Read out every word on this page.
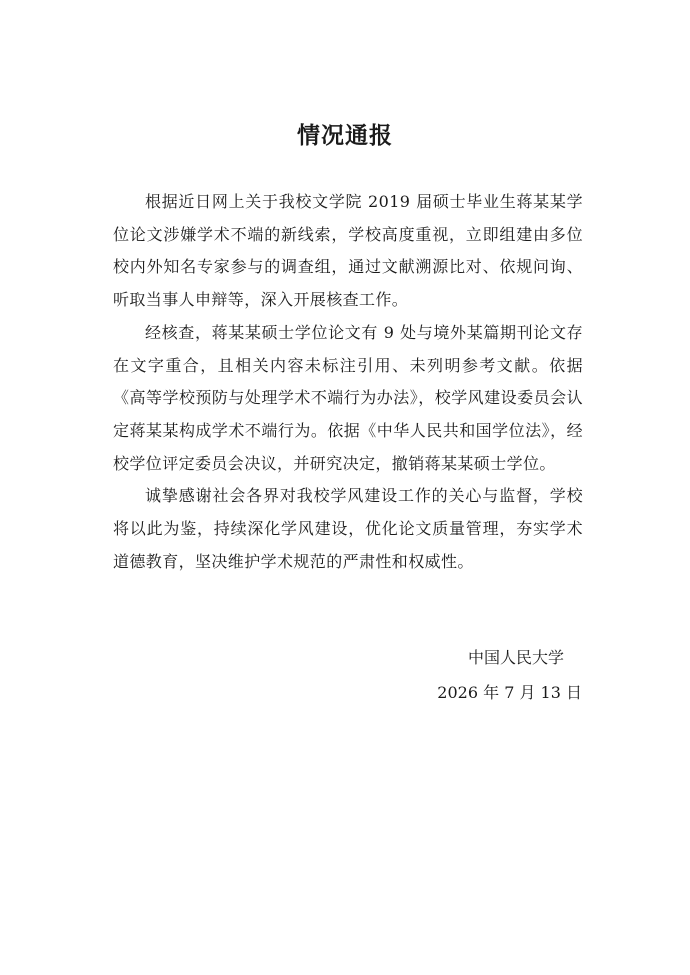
情况通报

根据近日网上关于我校文学院 2019 届硕士毕业生蒋某某学位论文涉嫌学术不端的新线索，学校高度重视，立即组建由多位校内外知名专家参与的调查组，通过文献溯源比对、依规问询、听取当事人申辩等，深入开展核查工作。

经核查，蒋某某硕士学位论文有 9 处与境外某篇期刊论文存在文字重合，且相关内容未标注引用、未列明参考文献。依据《高等学校预防与处理学术不端行为办法》，校学风建设委员会认定蒋某某构成学术不端行为。依据《中华人民共和国学位法》，经校学位评定委员会决议，并研究决定，撤销蒋某某硕士学位。

诚挚感谢社会各界对我校学风建设工作的关心与监督，学校将以此为鉴，持续深化学风建设，优化论文质量管理，夯实学术道德教育，坚决维护学术规范的严肃性和权威性。

中国人民大学
2026 年 7 月 13 日
